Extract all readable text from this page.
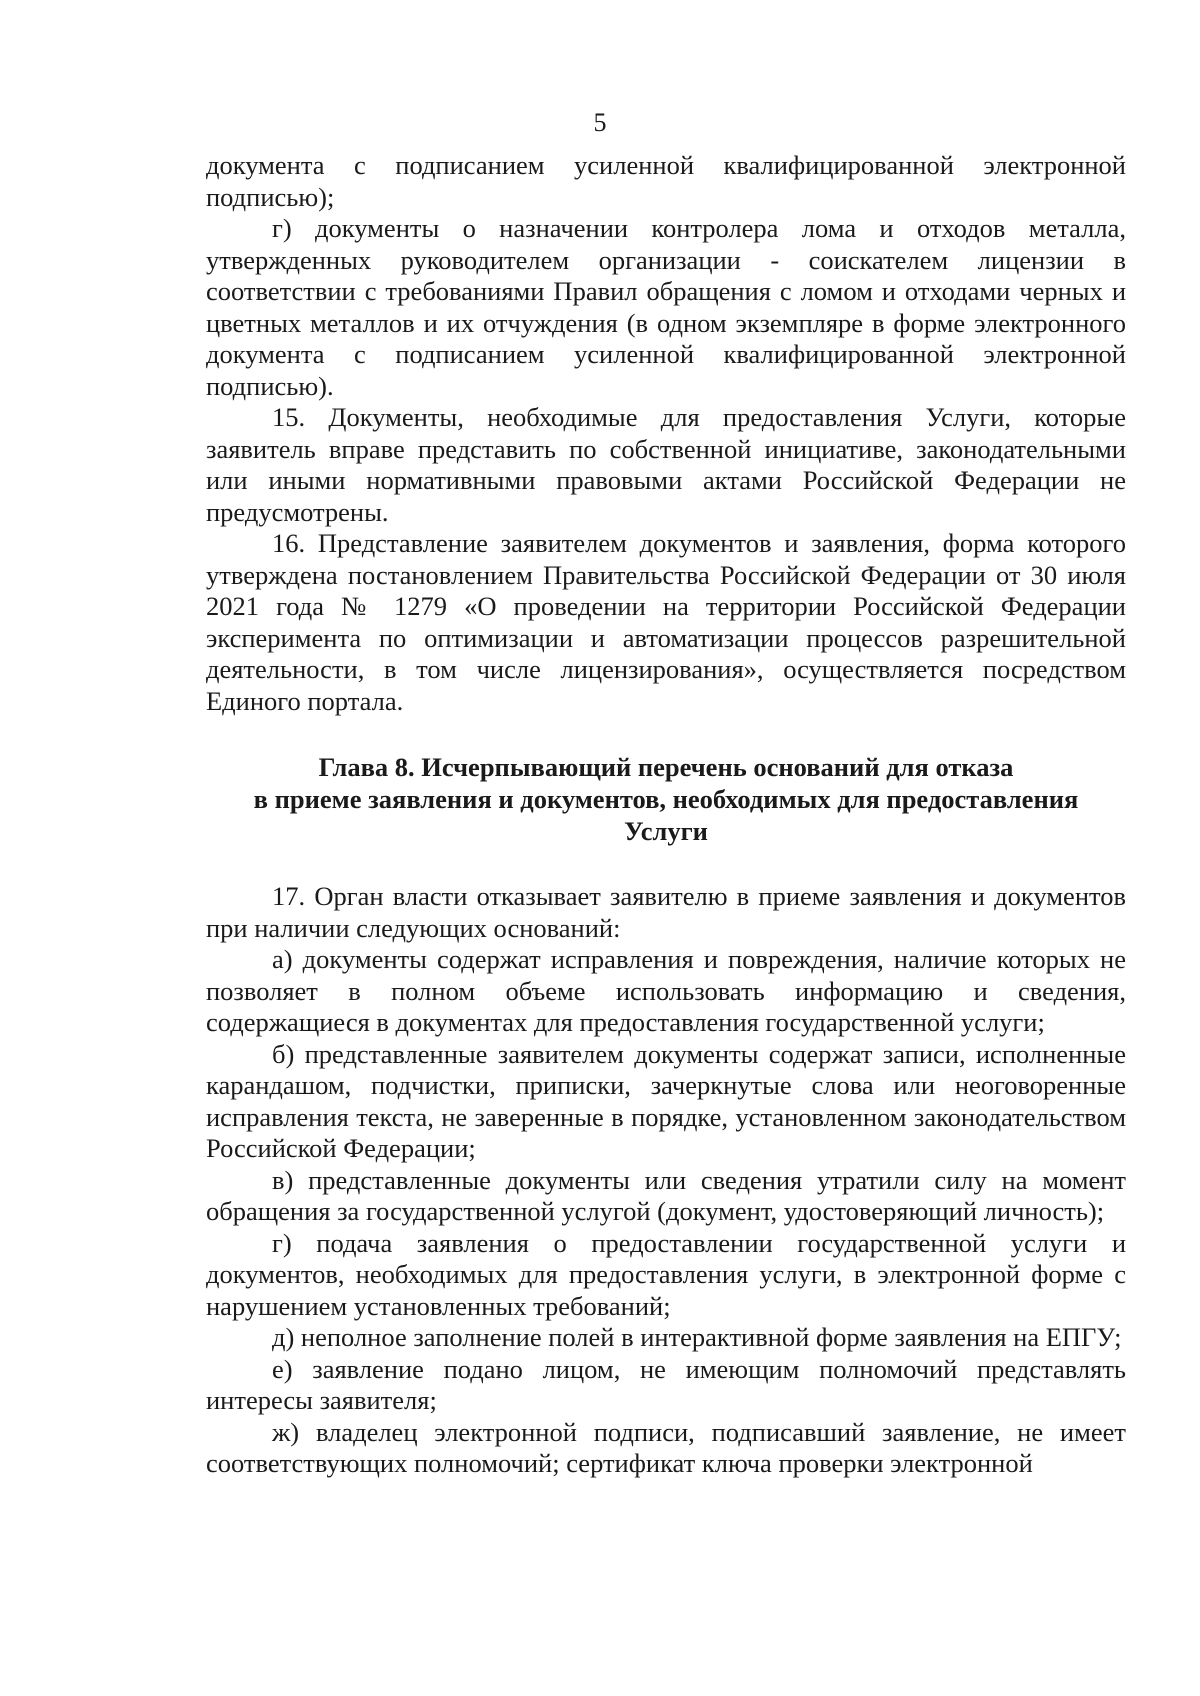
5

документа с подписанием усиленной квалифицированной электронной подписью);

г) документы о назначении контролера лома и отходов металла, утвержденных руководителем организации - соискателем лицензии в соответствии с требованиями Правил обращения с ломом и отходами черных и цветных металлов и их отчуждения (в одном экземпляре в форме электронного документа с подписанием усиленной квалифицированной электронной подписью).

15. Документы, необходимые для предоставления Услуги, которые заявитель вправе представить по собственной инициативе, законодательными или иными нормативными правовыми актами Российской Федерации не предусмотрены.

16. Представление заявителем документов и заявления, форма которого утверждена постановлением Правительства Российской Федерации от 30 июля 2021 года № 1279 «О проведении на территории Российской Федерации эксперимента по оптимизации и автоматизации процессов разрешительной деятельности, в том числе лицензирования», осуществляется посредством Единого портала.

Глава 8. Исчерпывающий перечень оснований для отказа
в приеме заявления и документов, необходимых для предоставления
Услуги

17. Орган власти отказывает заявителю в приеме заявления и документов при наличии следующих оснований:

а) документы содержат исправления и повреждения, наличие которых не позволяет в полном объеме использовать информацию и сведения, содержащиеся в документах для предоставления государственной услуги;

б) представленные заявителем документы содержат записи, исполненные карандашом, подчистки, приписки, зачеркнутые слова или неоговоренные исправления текста, не заверенные в порядке, установленном законодательством Российской Федерации;

в) представленные документы или сведения утратили силу на момент обращения за государственной услугой (документ, удостоверяющий личность);

г) подача заявления о предоставлении государственной услуги и документов, необходимых для предоставления услуги, в электронной форме с нарушением установленных требований;

д) неполное заполнение полей в интерактивной форме заявления на ЕПГУ;

е) заявление подано лицом, не имеющим полномочий представлять интересы заявителя;

ж) владелец электронной подписи, подписавший заявление, не имеет соответствующих полномочий; сертификат ключа проверки электронной
